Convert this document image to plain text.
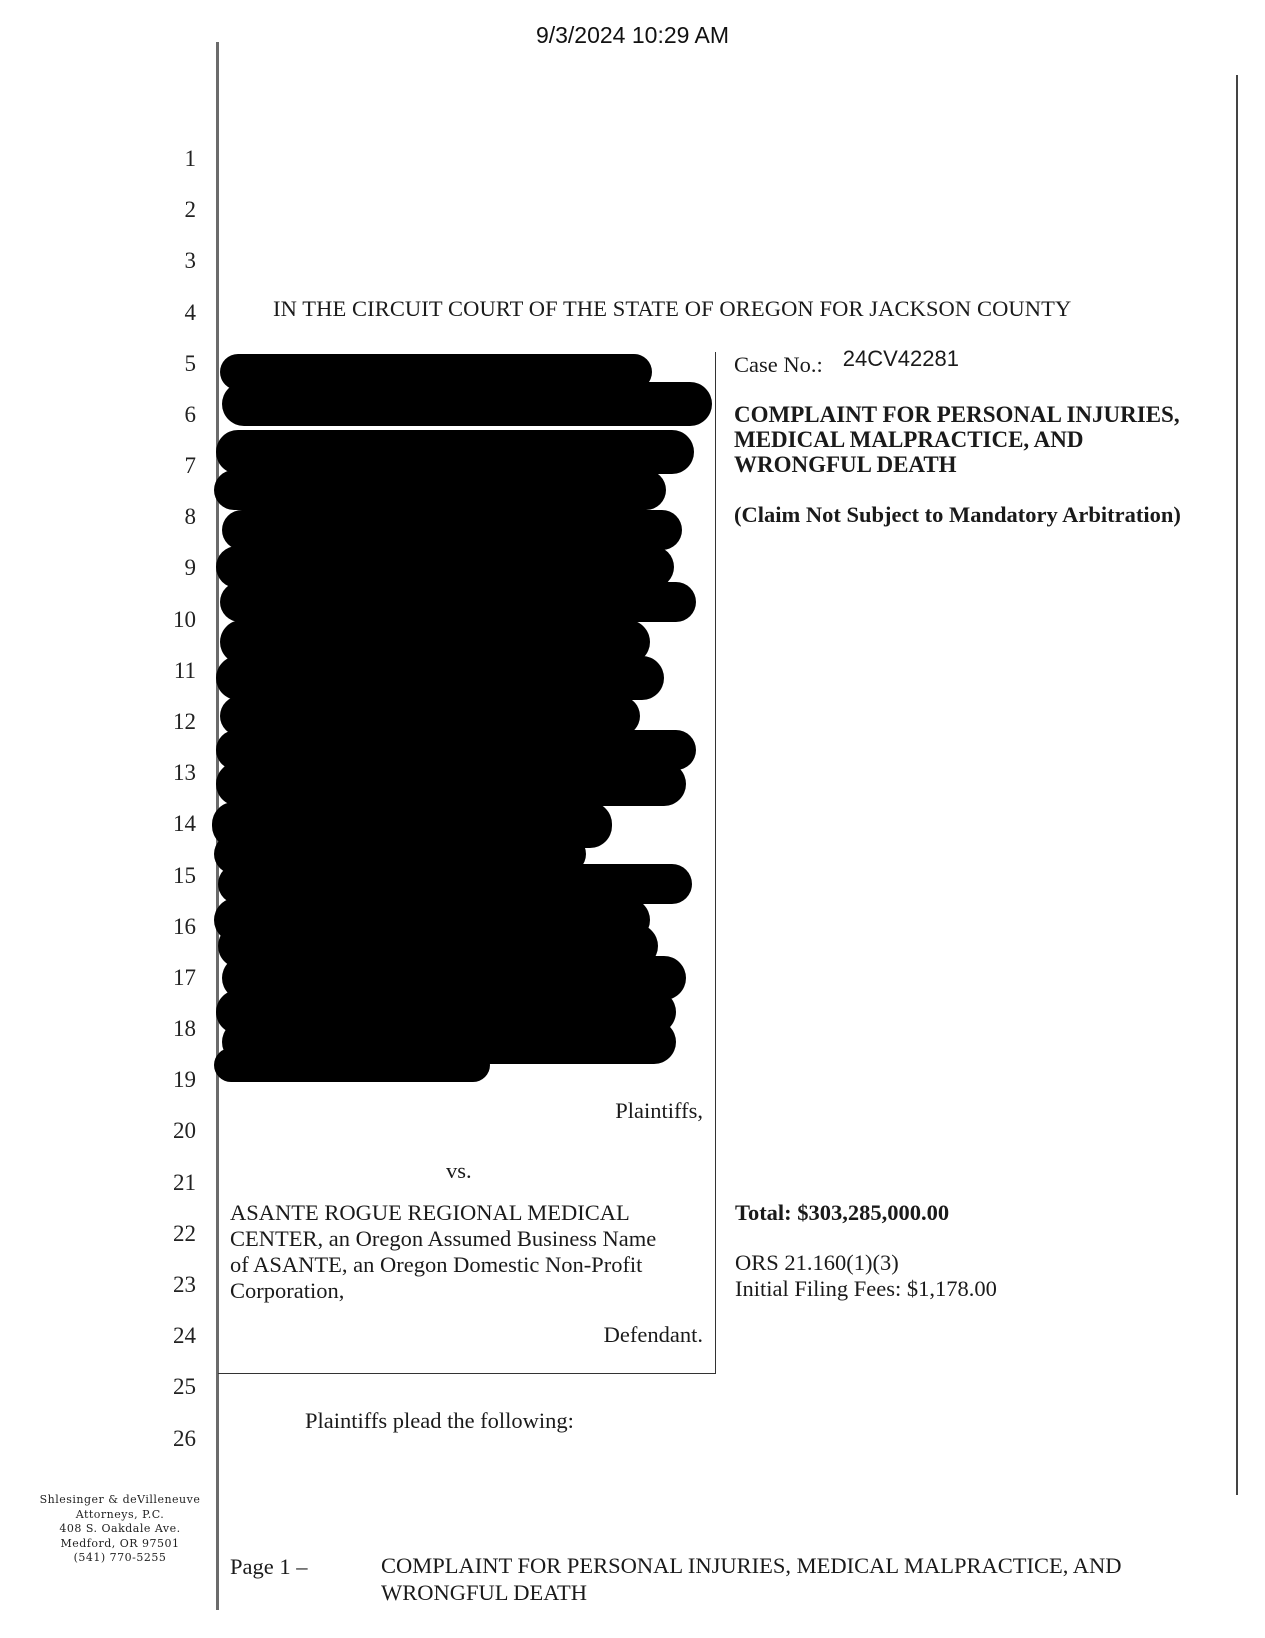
9/3/2024 10:29 AM
1
2
3
4
5
6
7
8
9
10
11
12
13
14
15
16
17
18
19
20
21
22
23
24
25
26
IN THE CIRCUIT COURT OF THE STATE OF OREGON FOR JACKSON COUNTY
Plaintiffs,
vs.
ASANTE ROGUE REGIONAL MEDICAL
CENTER, an Oregon Assumed Business Name
of ASANTE, an Oregon Domestic Non-Profit
Corporation,
Defendant.
Case No.: 24CV42281
COMPLAINT FOR PERSONAL INJURIES,
MEDICAL MALPRACTICE, AND
WRONGFUL DEATH
(Claim Not Subject to Mandatory Arbitration)
Total: $303,285,000.00
ORS 21.160(1)(3)
Initial Filing Fees: $1,178.00
Plaintiffs plead the following:
Shlesinger & deVilleneuve
Attorneys, P.C.
408 S. Oakdale Ave.
Medford, OR 97501
(541) 770-5255	Page 1 –	COMPLAINT FOR PERSONAL INJURIES, MEDICAL MALPRACTICE, AND
WRONGFUL DEATH
